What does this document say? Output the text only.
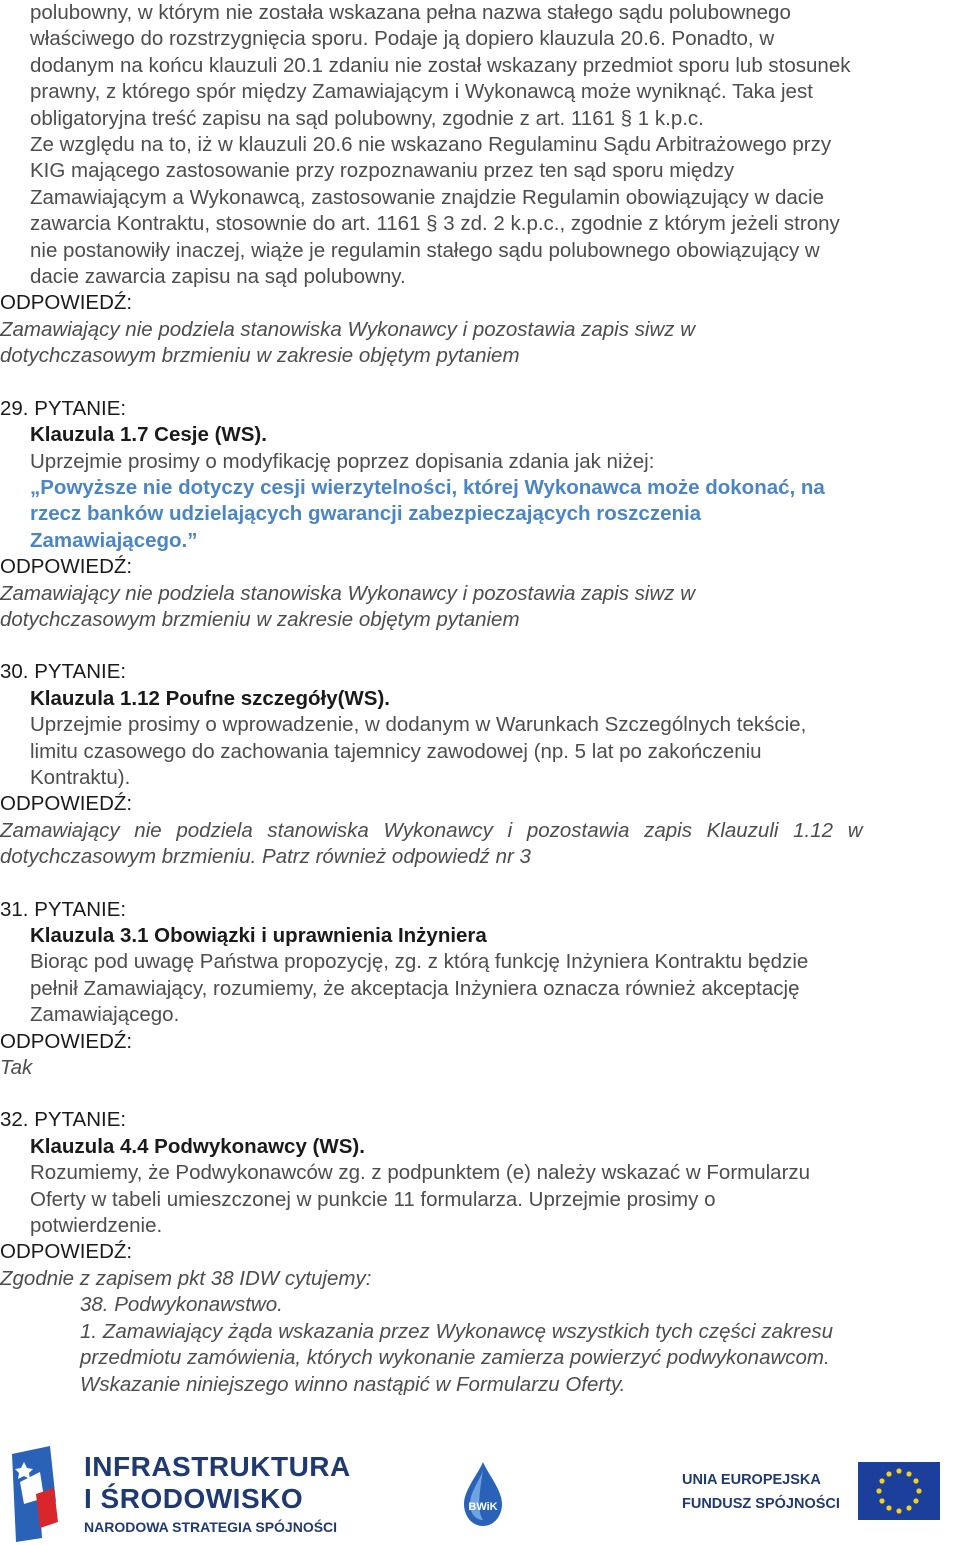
polubowny, w którym nie została wskazana pełna nazwa stałego sądu polubownego
właściwego do rozstrzygnięcia sporu. Podaje ją dopiero klauzula 20.6. Ponadto, w
dodanym na końcu klauzuli 20.1 zdaniu nie został wskazany przedmiot sporu lub stosunek
prawny, z którego spór między Zamawiającym i Wykonawcą może wyniknąć. Taka jest
obligatoryjna treść zapisu na sąd polubowny, zgodnie z art. 1161 § 1 k.p.c.
Ze względu na to, iż w klauzuli 20.6 nie wskazano Regulaminu Sądu Arbitrażowego przy
KIG mającego zastosowanie przy rozpoznawaniu przez ten sąd sporu między
Zamawiającym a Wykonawcą, zastosowanie znajdzie Regulamin obowiązujący w dacie
zawarcia Kontraktu, stosownie do art. 1161 § 3 zd. 2 k.p.c., zgodnie z którym jeżeli strony
nie postanowiły inaczej, wiąże je regulamin stałego sądu polubownego obowiązujący w
dacie zawarcia zapisu na sąd polubowny.
ODPOWIEDŹ:
Zamawiający nie podziela stanowiska Wykonawcy i pozostawia zapis siwz w
dotychczasowym brzmieniu w zakresie objętym pytaniem
29. PYTANIE:
Klauzula 1.7 Cesje (WS).
Uprzejmie prosimy o modyfikację poprzez dopisania zdania jak niżej:
„Powyższe nie dotyczy cesji wierzytelności, której Wykonawca może dokonać, na
rzecz banków udzielających gwarancji zabezpieczających roszczenia
Zamawiającego.”
ODPOWIEDŹ:
Zamawiający nie podziela stanowiska Wykonawcy i pozostawia zapis siwz w
dotychczasowym brzmieniu w zakresie objętym pytaniem
30. PYTANIE:
Klauzula 1.12 Poufne szczegóły(WS).
Uprzejmie prosimy o wprowadzenie, w dodanym w Warunkach Szczególnych tekście,
limitu czasowego do zachowania tajemnicy zawodowej (np. 5 lat po zakończeniu
Kontraktu).
ODPOWIEDŹ:
Zamawiający nie podziela stanowiska Wykonawcy i pozostawia zapis Klauzuli 1.12 w
dotychczasowym brzmieniu. Patrz również odpowiedź nr 3
31. PYTANIE:
Klauzula 3.1 Obowiązki i uprawnienia Inżyniera
Biorąc pod uwagę Państwa propozycję, zg. z którą funkcję Inżyniera Kontraktu będzie
pełnił Zamawiający, rozumiemy, że akceptacja Inżyniera oznacza również akceptację
Zamawiającego.
ODPOWIEDŹ:
Tak
32. PYTANIE:
Klauzula 4.4 Podwykonawcy (WS).
Rozumiemy, że Podwykonawców zg. z podpunktem (e) należy wskazać w Formularzu
Oferty w tabeli umieszczonej w punkcie 11 formularza. Uprzejmie prosimy o
potwierdzenie.
ODPOWIEDŹ:
Zgodnie z zapisem pkt 38 IDW cytujemy:
38. Podwykonawstwo.
1. Zamawiający żąda wskazania przez Wykonawcę wszystkich tych części zakresu
przedmiotu zamówienia, których wykonanie zamierza powierzyć podwykonawcom.
Wskazanie niniejszego winno nastąpić w Formularzu Oferty.
INFRASTRUKTURA
I ŚRODOWISKO
NARODOWA STRATEGIA SPÓJNOŚCI
BWiK
UNIA EUROPEJSKA
FUNDUSZ SPÓJNOŚCI
